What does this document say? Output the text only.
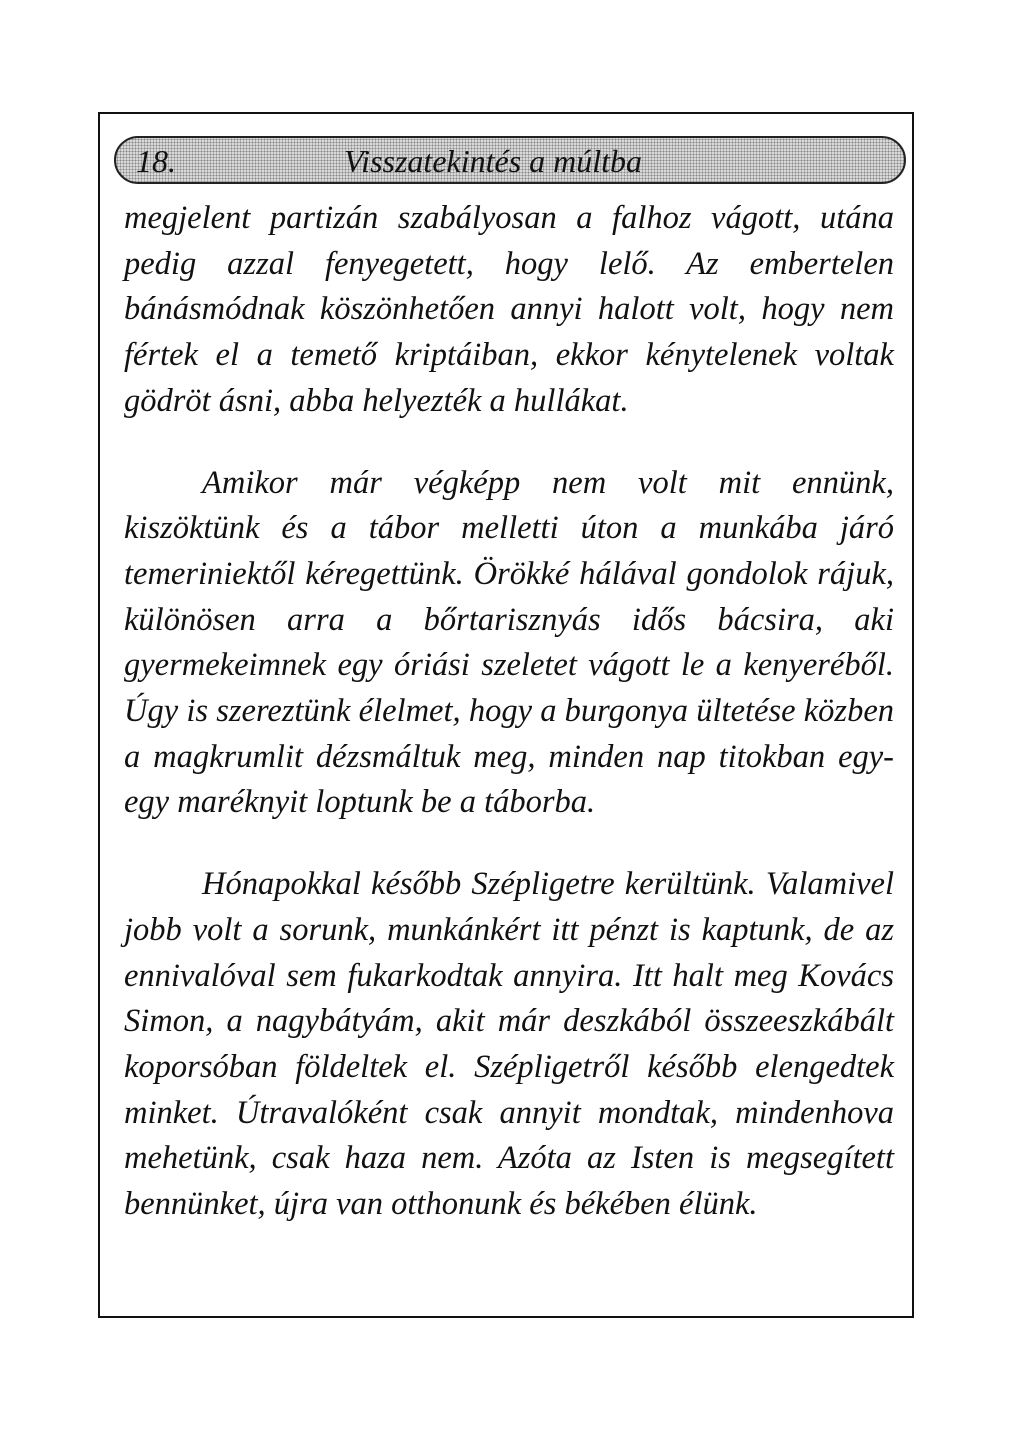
18.	Visszatekintés a múltba

megjelent partizán szabályosan a falhoz vágott, utána pedig azzal fenyegetett, hogy lelő. Az embertelen bánásmódnak köszönhetően annyi halott volt, hogy nem fértek el a temető kriptáiban, ekkor kénytelenek voltak gödröt ásni, abba helyezték a hullákat.

Amikor már végképp nem volt mit ennünk, kiszöktünk és a tábor melletti úton a munkába járó temeriniektől kéregettünk. Örökké hálával gondolok rájuk, különösen arra a bőrtarisznyás idős bácsira, aki gyermekeimnek egy óriási szeletet vágott le a kenyeréből. Úgy is szereztünk élelmet, hogy a burgonya ültetése közben a magkrumlit dézsmáltuk meg, minden nap titokban egy-egy maréknyit loptunk be a táborba.

Hónapokkal később Szépligetre kerültünk. Valamivel jobb volt a sorunk, munkánkért itt pénzt is kaptunk, de az ennivalóval sem fukarkodtak annyira. Itt halt meg Kovács Simon, a nagybátyám, akit már deszkából összeeszkábált koporsóban földeltek el. Szépligetről később elengedtek minket. Útravalóként csak annyit mondtak, mindenhova mehetünk, csak haza nem. Azóta az Isten is megsegített bennünket, újra van otthonunk és békében élünk.
